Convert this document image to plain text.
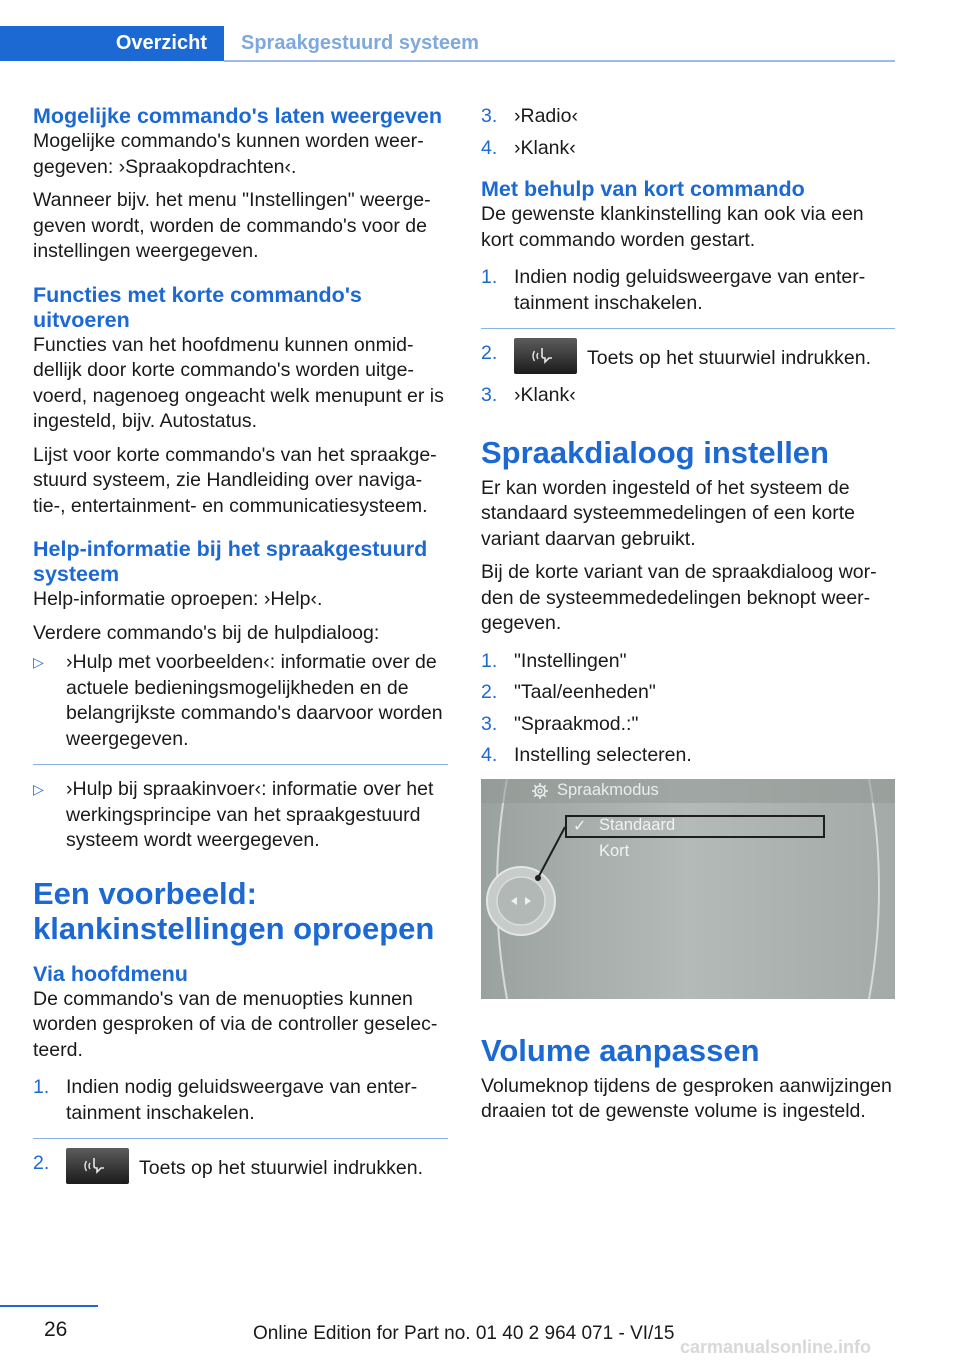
Overzicht	Spraakgestuurd systeem
Mogelijke commando's laten weergeven

Mogelijke commando's kunnen worden weergegeven: ›Spraakopdrachten‹.

Wanneer bijv. het menu "Instellingen" weergegeven wordt, worden de commando's voor de instellingen weergegeven.

Functies met korte commando's uitvoeren

Functies van het hoofdmenu kunnen onmiddellijk door korte commando's worden uitgevoerd, nagenoeg ongeacht welk menupunt er is ingesteld, bijv. Autostatus.

Lijst voor korte commando's van het spraakgestuurd systeem, zie Handleiding over navigatie-, entertainment- en communicatiesysteem.

Help-informatie bij het spraakgestuurd systeem

Help-informatie oproepen: ›Help‹.

Verdere commando's bij de hulpdialoog:

▷ ›Hulp met voorbeelden‹: informatie over de actuele bedieningsmogelijkheden en de belangrijkste commando's daarvoor worden weergegeven.
▷ ›Hulp bij spraakinvoer‹: informatie over het werkingsprincipe van het spraakgestuurd systeem wordt weergegeven.
Een voorbeeld: klankinstellingen oproepen
Via hoofdmenu

De commando's van de menuopties kunnen worden gesproken of via de controller geselecteerd.

1. Indien nodig geluidsweergave van entertainment inschakelen.
2.	Toets op het stuurwiel indrukken.
3. ›Radio‹
4. ›Klank‹
Met behulp van kort commando

De gewenste klankinstelling kan ook via een kort commando worden gestart.

1. Indien nodig geluidsweergave van entertainment inschakelen.
2.	Toets op het stuurwiel indrukken.
3. ›Klank‹
Spraakdialoog instellen

Er kan worden ingesteld of het systeem de standaard systeemmedelingen of een korte variant daarvan gebruikt.

Bij de korte variant van de spraakdialoog worden de systeemmededelingen beknopt weergegeven.

1. "Instellingen"
2. "Taal/eenheden"
3. "Spraakmod.:"
4. Instelling selecteren.
Spraakmodus
✓ Standaard
Kort
Volume aanpassen

Volumeknop tijdens de gesproken aanwijzingen draaien tot de gewenste volume is ingesteld.

26	Online Edition for Part no. 01 40 2 964 071 - VI/15
carmanualsonline.info
